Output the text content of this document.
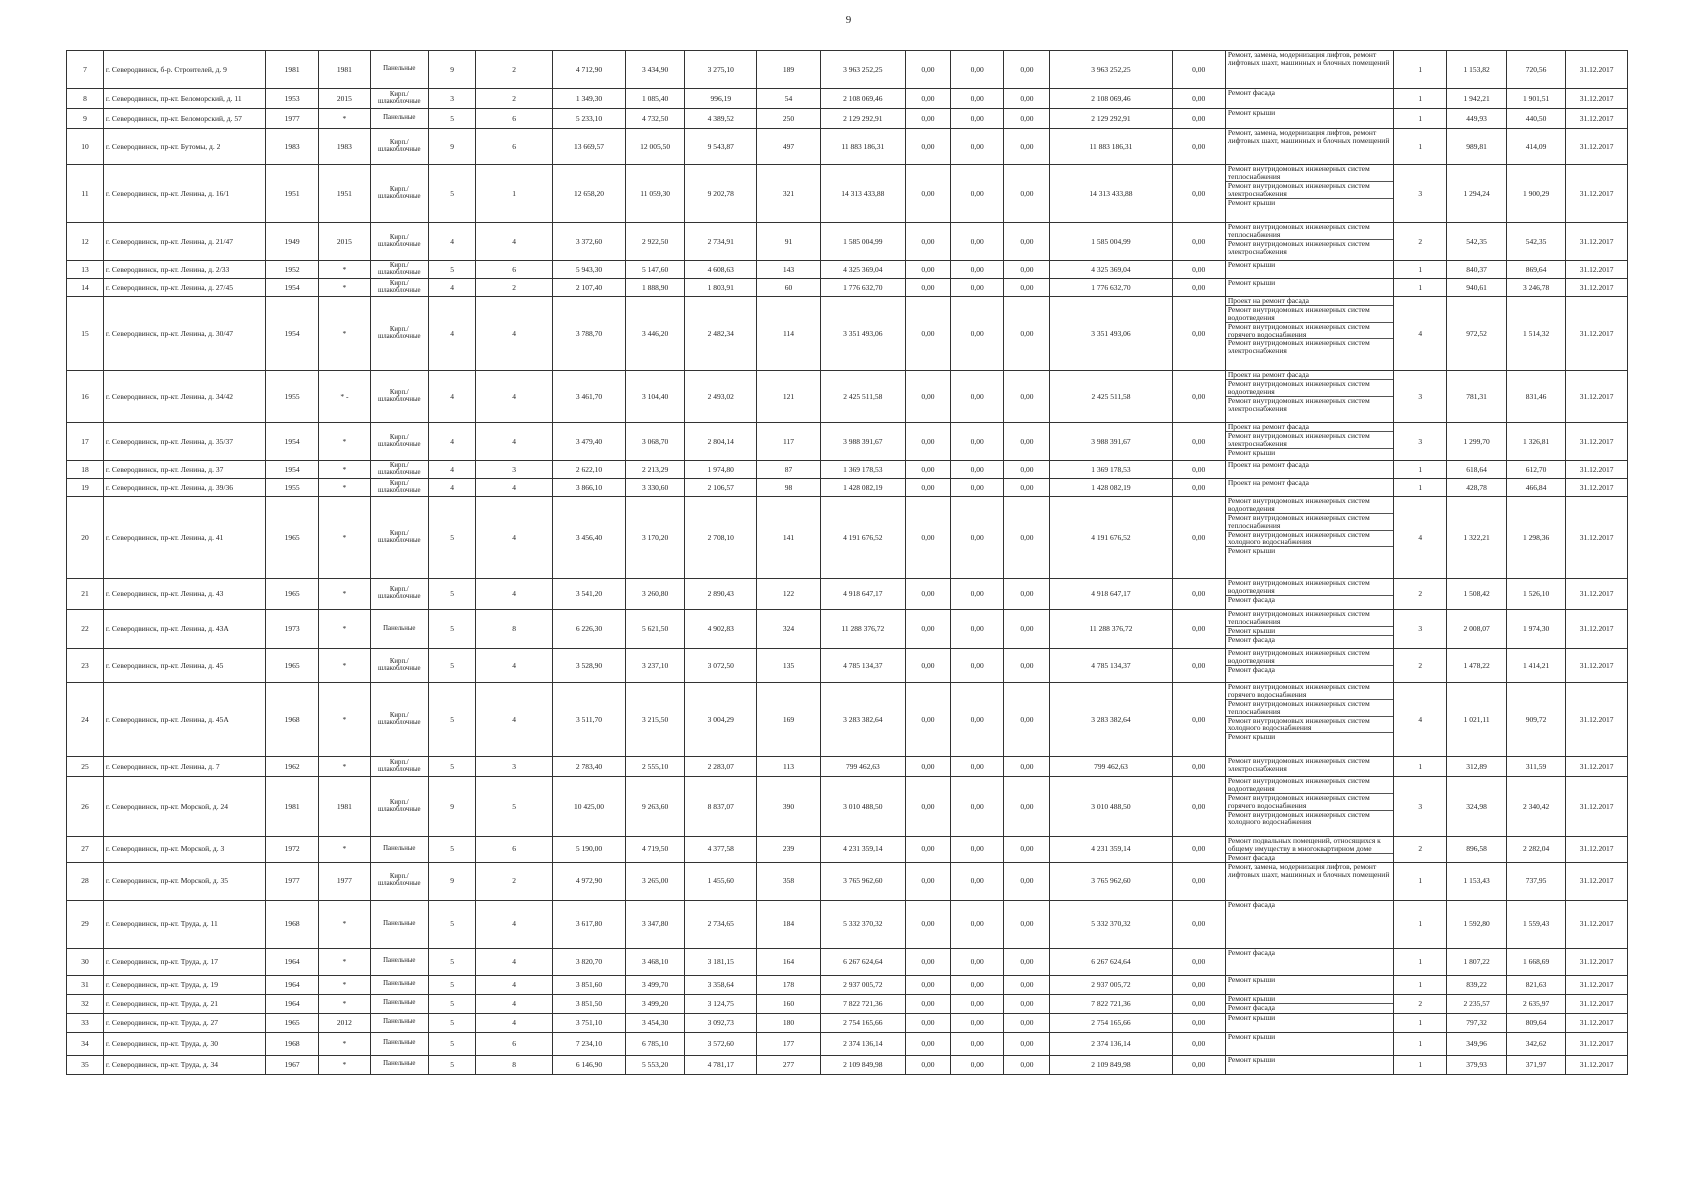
9
7	г. Северодвинск, б-р. Строителей, д. 9	1981	1981	Панельные	9	2	4 712,90	3 434,90	3 275,10	189	3 963 252,25	0,00	0,00	0,00	3 963 252,25	0,00	Ремонт, замена, модернизация лифтов, ремонт лифтовых шахт, машинных и блочных помещений	1	1 153,82	720,56	31.12.2017
8	г. Северодвинск, пр-кт. Беломорский, д. 11	1953	2015	Кирп./шлакоблочные	3	2	1 349,30	1 085,40	996,19	54	2 108 069,46	0,00	0,00	0,00	2 108 069,46	0,00	Ремонт фасада	1	1 942,21	1 901,51	31.12.2017
9	г. Северодвинск, пр-кт. Беломорский, д. 57	1977	*	Панельные	5	6	5 233,10	4 732,50	4 389,52	250	2 129 292,91	0,00	0,00	0,00	2 129 292,91	0,00	Ремонт крыши	1	449,93	440,50	31.12.2017
10	г. Северодвинск, пр-кт. Бутомы, д. 2	1983	1983	Кирп./шлакоблочные	9	6	13 669,57	12 005,50	9 543,87	497	11 883 186,31	0,00	0,00	0,00	11 883 186,31	0,00	Ремонт, замена, модернизация лифтов, ремонт лифтовых шахт, машинных и блочных помещений	1	989,81	414,09	31.12.2017
11	г. Северодвинск, пр-кт. Ленина, д. 16/1	1951	1951	Кирп./шлакоблочные	5	1	12 658,20	11 059,30	9 202,78	321	14 313 433,88	0,00	0,00	0,00	14 313 433,88	0,00	Ремонт внутридомовых инженерных систем теплоснабжения
Ремонт внутридомовых инженерных систем электроснабжения
Ремонт крыши	3	1 294,24	1 900,29	31.12.2017
12	г. Северодвинск, пр-кт. Ленина, д. 21/47	1949	2015	Кирп./шлакоблочные	4	4	3 372,60	2 922,50	2 734,91	91	1 585 004,99	0,00	0,00	0,00	1 585 004,99	0,00	Ремонт внутридомовых инженерных систем теплоснабжения
Ремонт внутридомовых инженерных систем электроснабжения	2	542,35	542,35	31.12.2017
13	г. Северодвинск, пр-кт. Ленина, д. 2/33	1952	*	Кирп./шлакоблочные	5	6	5 943,30	5 147,60	4 608,63	143	4 325 369,04	0,00	0,00	0,00	4 325 369,04	0,00	Ремонт крыши	1	840,37	869,64	31.12.2017
14	г. Северодвинск, пр-кт. Ленина, д. 27/45	1954	*	Кирп./шлакоблочные	4	2	2 107,40	1 888,90	1 803,91	60	1 776 632,70	0,00	0,00	0,00	1 776 632,70	0,00	Ремонт крыши	1	940,61	3 246,78	31.12.2017
15	г. Северодвинск, пр-кт. Ленина, д. 30/47	1954	*	Кирп./шлакоблочные	4	4	3 788,70	3 446,20	2 482,34	114	3 351 493,06	0,00	0,00	0,00	3 351 493,06	0,00	Проект на ремонт фасада
Ремонт внутридомовых инженерных систем водоотведения
Ремонт внутридомовых инженерных систем горячего водоснабжения
Ремонт внутридомовых инженерных систем электроснабжения	4	972,52	1 514,32	31.12.2017
16	г. Северодвинск, пр-кт. Ленина, д. 34/42	1955	* -	Кирп./шлакоблочные	4	4	3 461,70	3 104,40	2 493,02	121	2 425 511,58	0,00	0,00	0,00	2 425 511,58	0,00	Проект на ремонт фасада
Ремонт внутридомовых инженерных систем водоотведения
Ремонт внутридомовых инженерных систем электроснабжения	3	781,31	831,46	31.12.2017
17	г. Северодвинск, пр-кт. Ленина, д. 35/37	1954	*	Кирп./шлакоблочные	4	4	3 479,40	3 068,70	2 804,14	117	3 988 391,67	0,00	0,00	0,00	3 988 391,67	0,00	Проект на ремонт фасада
Ремонт внутридомовых инженерных систем электроснабжения
Ремонт крыши	3	1 299,70	1 326,81	31.12.2017
18	г. Северодвинск, пр-кт. Ленина, д. 37	1954	*	Кирп./шлакоблочные	4	3	2 622,10	2 213,29	1 974,80	87	1 369 178,53	0,00	0,00	0,00	1 369 178,53	0,00	Проект на ремонт фасада	1	618,64	612,70	31.12.2017
19	г. Северодвинск, пр-кт. Ленина, д. 39/36	1955	*	Кирп./шлакоблочные	4	4	3 866,10	3 330,60	2 106,57	98	1 428 082,19	0,00	0,00	0,00	1 428 082,19	0,00	Проект на ремонт фасада	1	428,78	466,84	31.12.2017
20	г. Северодвинск, пр-кт. Ленина, д. 41	1965	*	Кирп./шлакоблочные	5	4	3 456,40	3 170,20	2 708,10	141	4 191 676,52	0,00	0,00	0,00	4 191 676,52	0,00	Ремонт внутридомовых инженерных систем водоотведения
Ремонт внутридомовых инженерных систем теплоснабжения
Ремонт внутридомовых инженерных систем холодного водоснабжения
Ремонт крыши	4	1 322,21	1 298,36	31.12.2017
21	г. Северодвинск, пр-кт. Ленина, д. 43	1965	*	Кирп./шлакоблочные	5	4	3 541,20	3 260,80	2 890,43	122	4 918 647,17	0,00	0,00	0,00	4 918 647,17	0,00	Ремонт внутридомовых инженерных систем водоотведения
Ремонт фасада	2	1 508,42	1 526,10	31.12.2017
22	г. Северодвинск, пр-кт. Ленина, д. 43А	1973	*	Панельные	5	8	6 226,30	5 621,50	4 902,83	324	11 288 376,72	0,00	0,00	0,00	11 288 376,72	0,00	Ремонт внутридомовых инженерных систем теплоснабжения
Ремонт крыши
Ремонт фасада	3	2 008,07	1 974,30	31.12.2017
23	г. Северодвинск, пр-кт. Ленина, д. 45	1965	*	Кирп./шлакоблочные	5	4	3 528,90	3 237,10	3 072,50	135	4 785 134,37	0,00	0,00	0,00	4 785 134,37	0,00	Ремонт внутридомовых инженерных систем водоотведения
Ремонт фасада	2	1 478,22	1 414,21	31.12.2017
24	г. Северодвинск, пр-кт. Ленина, д. 45А	1968	*	Кирп./шлакоблочные	5	4	3 511,70	3 215,50	3 004,29	169	3 283 382,64	0,00	0,00	0,00	3 283 382,64	0,00	Ремонт внутридомовых инженерных систем горячего водоснабжения
Ремонт внутридомовых инженерных систем теплоснабжения
Ремонт внутридомовых инженерных систем холодного водоснабжения
Ремонт крыши	4	1 021,11	909,72	31.12.2017
25	г. Северодвинск, пр-кт. Ленина, д. 7	1962	*	Кирп./шлакоблочные	5	3	2 783,40	2 555,10	2 283,07	113	799 462,63	0,00	0,00	0,00	799 462,63	0,00	Ремонт внутридомовых инженерных систем электроснабжения	1	312,89	311,59	31.12.2017
26	г. Северодвинск, пр-кт. Морской, д. 24	1981	1981	Кирп./шлакоблочные	9	5	10 425,00	9 263,60	8 837,07	390	3 010 488,50	0,00	0,00	0,00	3 010 488,50	0,00	Ремонт внутридомовых инженерных систем водоотведения
Ремонт внутридомовых инженерных систем горячего водоснабжения
Ремонт внутридомовых инженерных систем холодного водоснабжения	3	324,98	2 340,42	31.12.2017
27	г. Северодвинск, пр-кт. Морской, д. 3	1972	*	Панельные	5	6	5 190,00	4 719,50	4 377,58	239	4 231 359,14	0,00	0,00	0,00	4 231 359,14	0,00	Ремонт подвальных помещений, относящихся к общему имуществу в многоквартирном доме
Ремонт фасада	2	896,58	2 282,04	31.12.2017
28	г. Северодвинск, пр-кт. Морской, д. 35	1977	1977	Кирп./шлакоблочные	9	2	4 972,90	3 265,00	1 455,60	358	3 765 962,60	0,00	0,00	0,00	3 765 962,60	0,00	Ремонт, замена, модернизация лифтов, ремонт лифтовых шахт, машинных и блочных помещений	1	1 153,43	737,95	31.12.2017
29	г. Северодвинск, пр-кт. Труда, д. 11	1968	*	Панельные	5	4	3 617,80	3 347,80	2 734,65	184	5 332 370,32	0,00	0,00	0,00	5 332 370,32	0,00	Ремонт фасада	1	1 592,80	1 559,43	31.12.2017
30	г. Северодвинск, пр-кт. Труда, д. 17	1964	*	Панельные	5	4	3 820,70	3 468,10	3 181,15	164	6 267 624,64	0,00	0,00	0,00	6 267 624,64	0,00	Ремонт фасада	1	1 807,22	1 668,69	31.12.2017
31	г. Северодвинск, пр-кт. Труда, д. 19	1964	*	Панельные	5	4	3 851,60	3 499,70	3 358,64	178	2 937 005,72	0,00	0,00	0,00	2 937 005,72	0,00	Ремонт крыши	1	839,22	821,63	31.12.2017
32	г. Северодвинск, пр-кт. Труда, д. 21	1964	*	Панельные	5	4	3 851,50	3 499,20	3 124,75	160	7 822 721,36	0,00	0,00	0,00	7 822 721,36	0,00	Ремонт крыши
Ремонт фасада	2	2 235,57	2 635,97	31.12.2017
33	г. Северодвинск, пр-кт. Труда, д. 27	1965	2012	Панельные	5	4	3 751,10	3 454,30	3 092,73	180	2 754 165,66	0,00	0,00	0,00	2 754 165,66	0,00	Ремонт крыши	1	797,32	809,64	31.12.2017
34	г. Северодвинск, пр-кт. Труда, д. 30	1968	*	Панельные	5	6	7 234,10	6 785,10	3 572,60	177	2 374 136,14	0,00	0,00	0,00	2 374 136,14	0,00	Ремонт крыши	1	349,96	342,62	31.12.2017
35	г. Северодвинск, пр-кт. Труда, д. 34	1967	*	Панельные	5	8	6 146,90	5 553,20	4 781,17	277	2 109 849,98	0,00	0,00	0,00	2 109 849,98	0,00	Ремонт крыши	1	379,93	371,97	31.12.2017
